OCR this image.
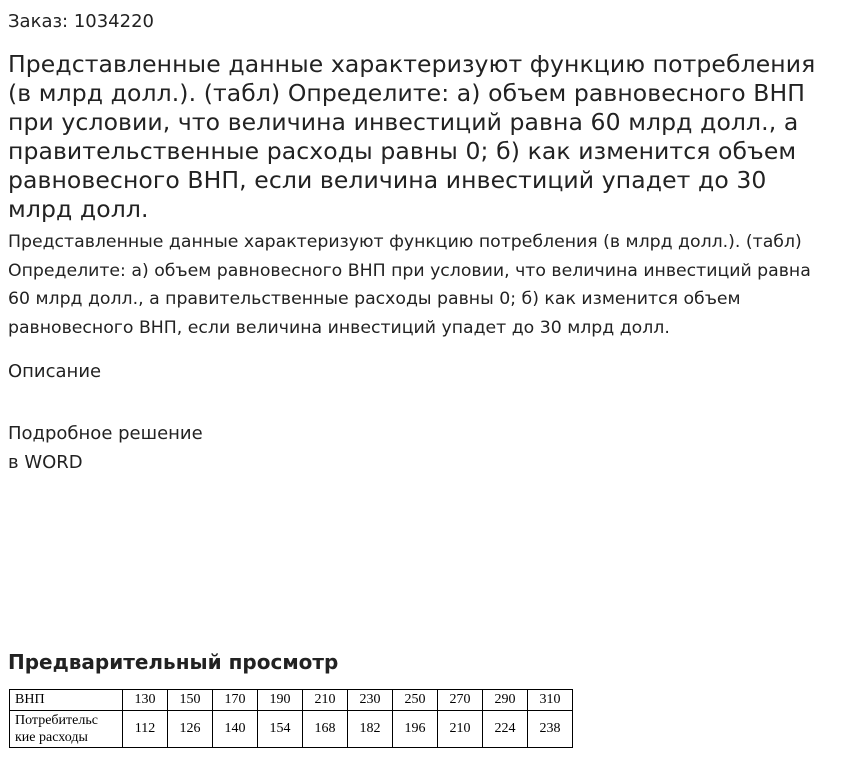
Заказ: 1034220
Представленные данные характеризуют функцию потребления (в млрд долл.). (табл) Определите: а) объем равновесного ВНП при условии, что величина инвестиций равна 60 млрд долл., а правительственные расходы равны 0; б) как изменится объем равновесного ВНП, если величина инвестиций упадет до 30 млрд долл.
Представленные данные характеризуют функцию потребления (в млрд долл.). (табл) Определите: а) объем равновесного ВНП при условии, что величина инвестиций равна 60 млрд долл., а правительственные расходы равны 0; б) как изменится объем равновесного ВНП, если величина инвестиций упадет до 30 млрд долл.
Описание
Подробное решение
в WORD
Предварительный просмотр
ВНП	130	150	170	190	210	230	250	270	290	310

Потребительс
кие расходы	112	126	140	154	168	182	196	210	224	238
